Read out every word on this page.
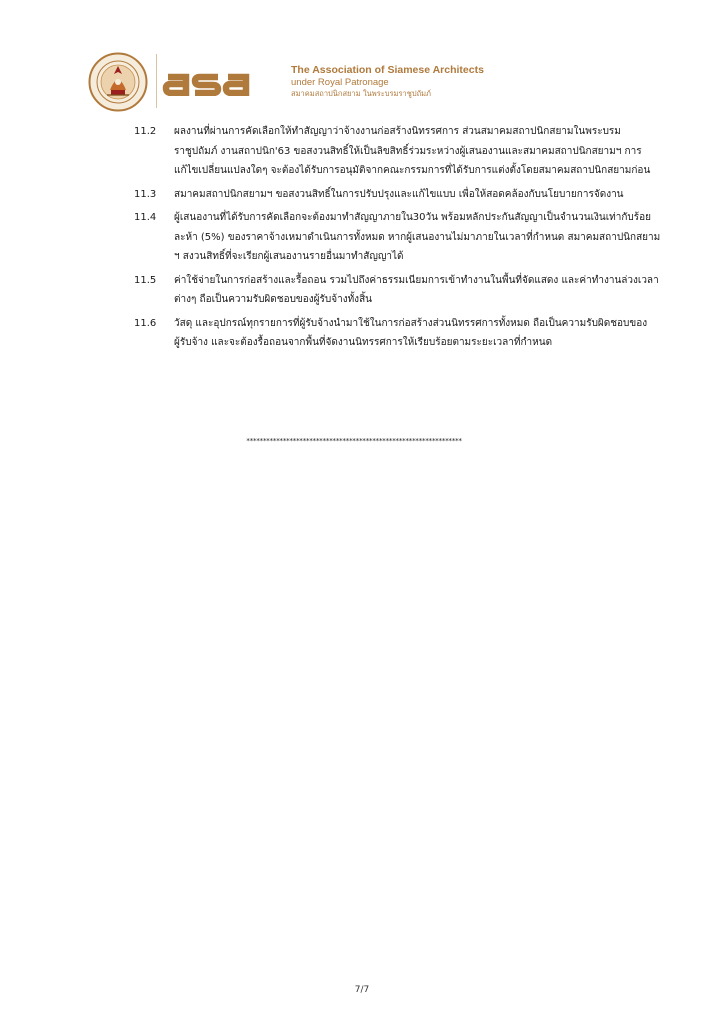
The Association of Siamese Architects
under Royal Patronage
สมาคมสถาปนิกสยาม ในพระบรมราชูปถัมภ์
11.2	ผลงานที่ผ่านการคัดเลือกให้ทำสัญญาว่าจ้างงานก่อสร้างนิทรรศการ ส่วนสมาคมสถาปนิกสยามในพระบรม
ราชูปถัมภ์ งานสถาปนิก'63 ขอสงวนสิทธิ์ให้เป็นลิขสิทธิ์ร่วมระหว่างผู้เสนองานและสมาคมสถาปนิกสยามฯ การ
แก้ไขเปลี่ยนแปลงใดๆ จะต้องได้รับการอนุมัติจากคณะกรรมการที่ได้รับการแต่งตั้งโดยสมาคมสถาปนิกสยามก่อน
11.3	สมาคมสถาปนิกสยามฯ ขอสงวนสิทธิ์ในการปรับปรุงและแก้ไขแบบ เพื่อให้สอดคล้องกับนโยบายการจัดงาน
11.4	ผู้เสนองานที่ได้รับการคัดเลือกจะต้องมาทำสัญญาภายใน30วัน พร้อมหลักประกันสัญญาเป็นจำนวนเงินเท่ากับร้อย
ละห้า (5%) ของราคาจ้างเหมาดำเนินการทั้งหมด หากผู้เสนองานไม่มาภายในเวลาที่กำหนด สมาคมสถาปนิกสยาม
ฯ สงวนสิทธิ์ที่จะเรียกผู้เสนองานรายอื่นมาทำสัญญาได้
11.5	ค่าใช้จ่ายในการก่อสร้างและรื้อถอน รวมไปถึงค่าธรรมเนียมการเข้าทำงานในพื้นที่จัดแสดง และค่าทำงานล่วงเวลา
ต่างๆ ถือเป็นความรับผิดชอบของผู้รับจ้างทั้งสิ้น
11.6	วัสดุ และอุปกรณ์ทุกรายการที่ผู้รับจ้างนำมาใช้ในการก่อสร้างส่วนนิทรรศการทั้งหมด ถือเป็นความรับผิดชอบของ
ผู้รับจ้าง และจะต้องรื้อถอนจากพื้นที่จัดงานนิทรรศการให้เรียบร้อยตามระยะเวลาที่กำหนด
*****************************************************************
7/7
